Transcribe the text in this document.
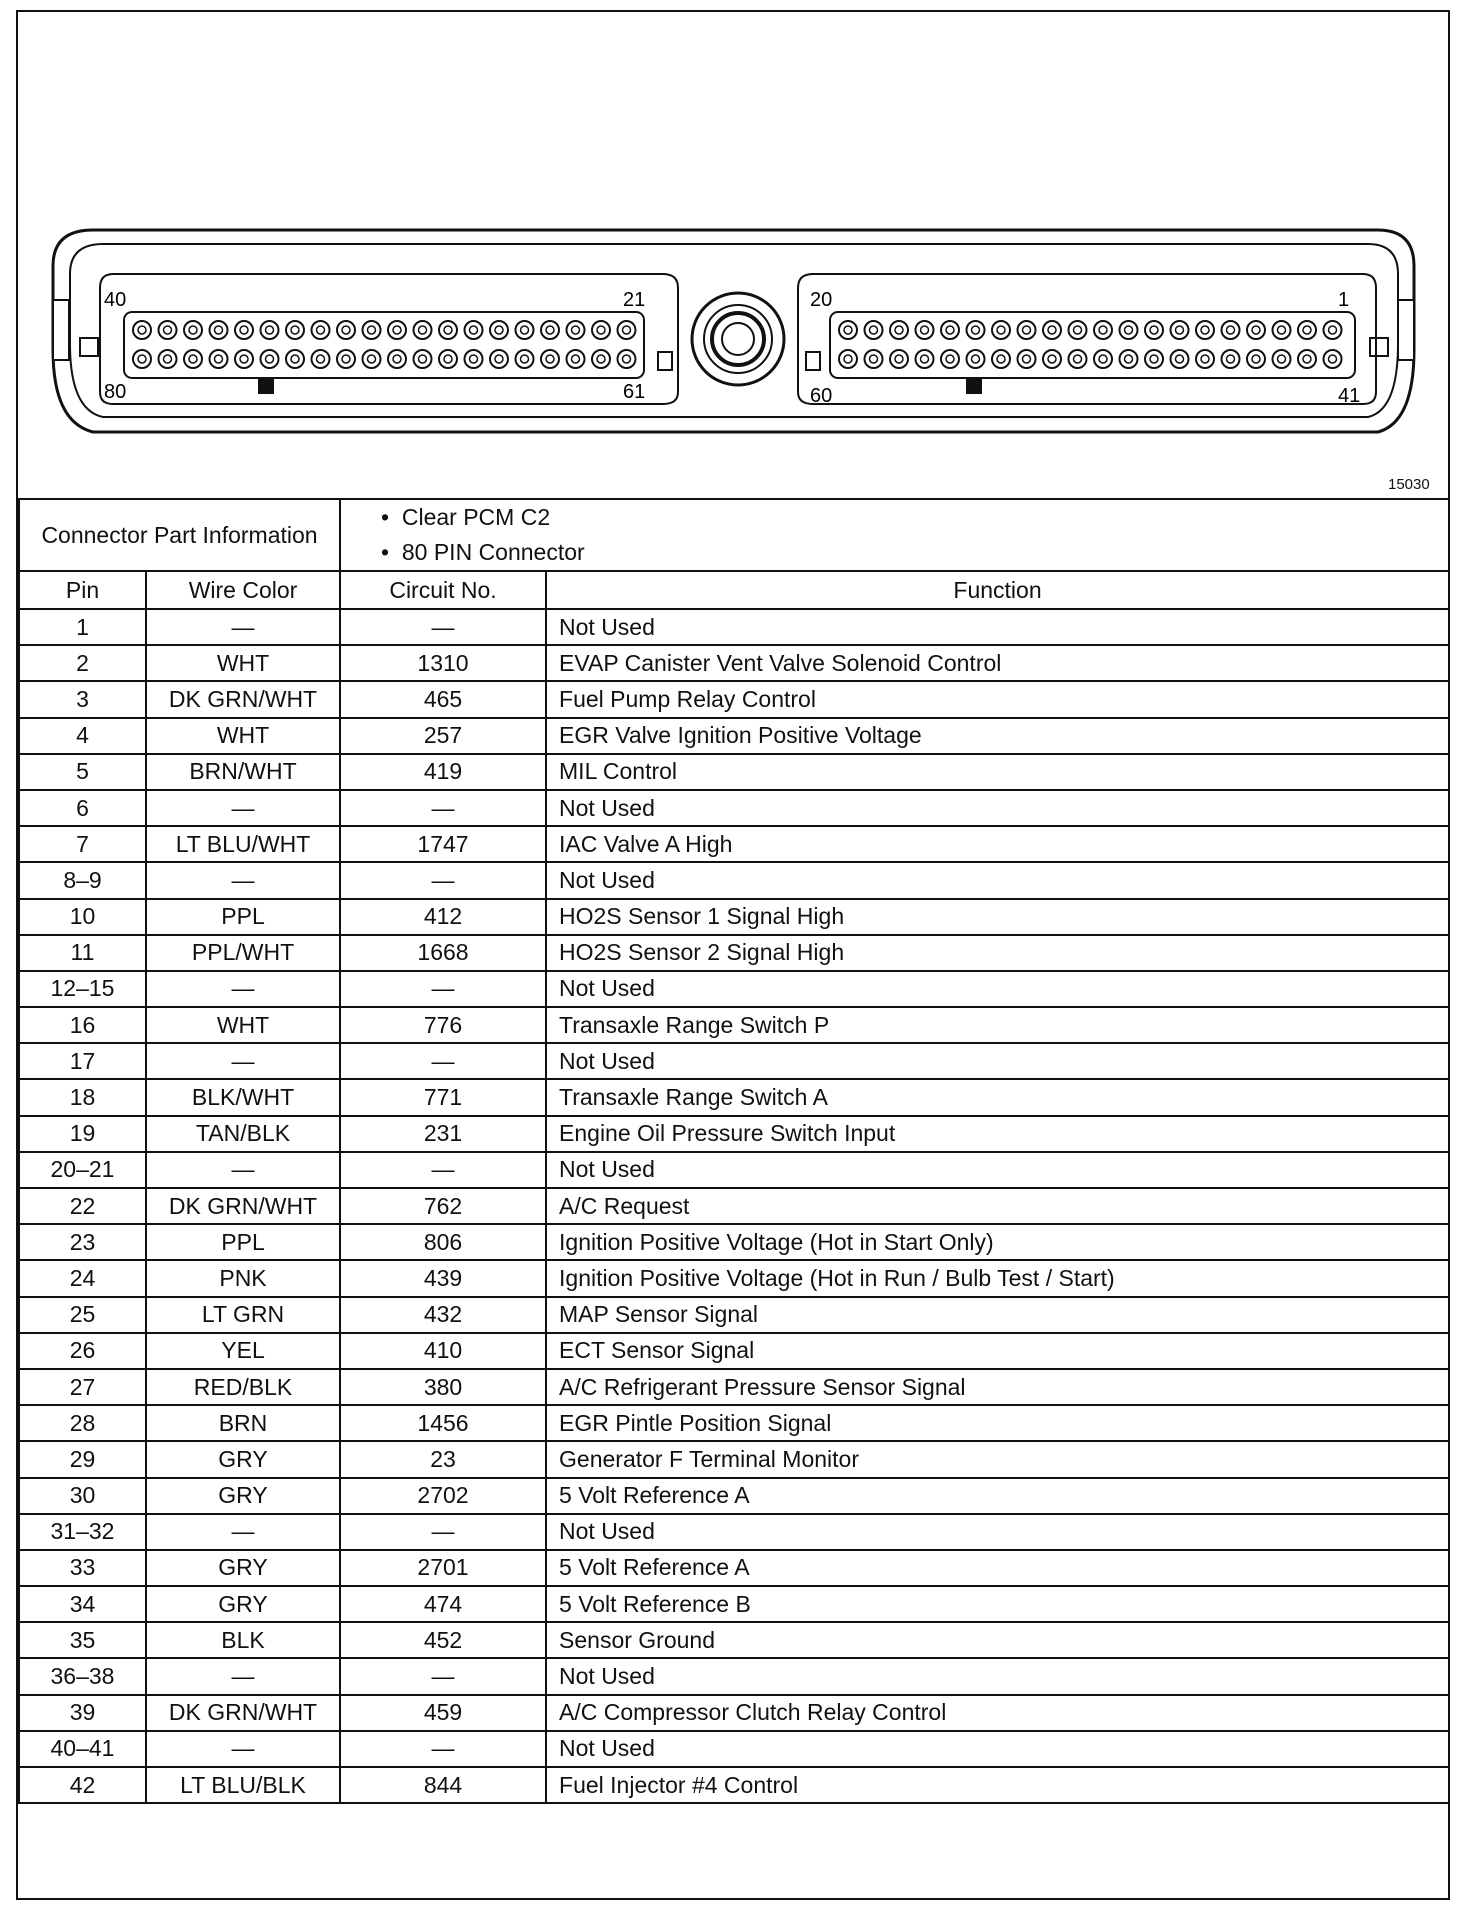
40	21
80	61
20	1
60	41
15030
Connector Part Information		•  Clear PCM C2
•  80 PIN Connector	

Pin	Wire Color	Circuit No.	Function
1	—	—	Not Used
2	WHT	1310	EVAP Canister Vent Valve Solenoid Control
3	DK GRN/WHT	465	Fuel Pump Relay Control
4	WHT	257	EGR Valve Ignition Positive Voltage
5	BRN/WHT	419	MIL Control
6	—	—	Not Used
7	LT BLU/WHT	1747	IAC Valve A High
8–9	—	—	Not Used
10	PPL	412	HO2S Sensor 1 Signal High
11	PPL/WHT	1668	HO2S Sensor 2 Signal High
12–15	—	—	Not Used
16	WHT	776	Transaxle Range Switch P
17	—	—	Not Used
18	BLK/WHT	771	Transaxle Range Switch A
19	TAN/BLK	231	Engine Oil Pressure Switch Input
20–21	—	—	Not Used
22	DK GRN/WHT	762	A/C Request
23	PPL	806	Ignition Positive Voltage (Hot in Start Only)
24	PNK	439	Ignition Positive Voltage (Hot in Run / Bulb Test / Start)
25	LT GRN	432	MAP Sensor Signal
26	YEL	410	ECT Sensor Signal
27	RED/BLK	380	A/C Refrigerant Pressure Sensor Signal
28	BRN	1456	EGR Pintle Position Signal
29	GRY	23	Generator F Terminal Monitor
30	GRY	2702	5 Volt Reference A
31–32	—	—	Not Used
33	GRY	2701	5 Volt Reference A
34	GRY	474	5 Volt Reference B
35	BLK	452	Sensor Ground
36–38	—	—	Not Used
39	DK GRN/WHT	459	A/C Compressor Clutch Relay Control
40–41	—	—	Not Used
42	LT BLU/BLK	844	Fuel Injector #4 Control
